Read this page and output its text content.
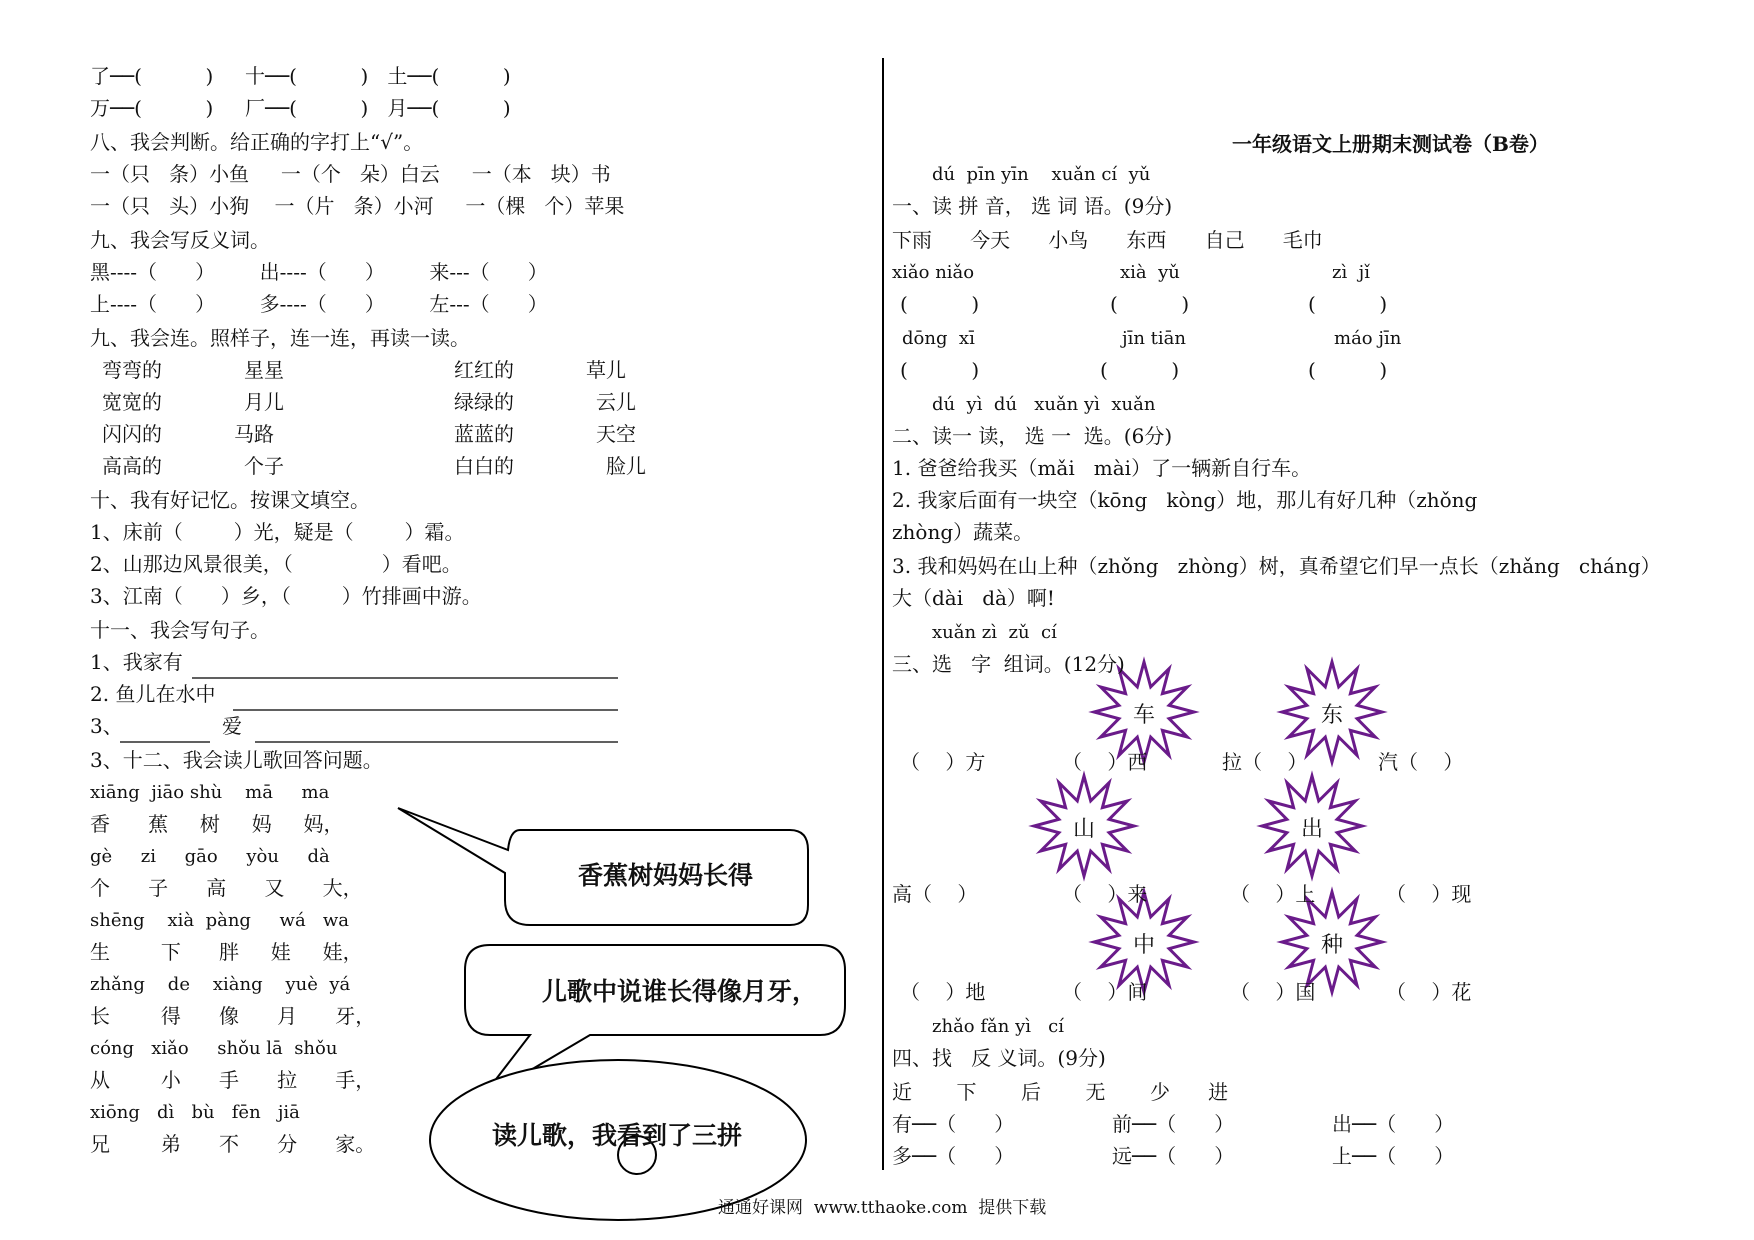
了──(          )     十──(          )   土──(          )
万──(          )     厂──(          )   月──(          )
八、我会判断。给正确的字打上“√”。
一（只   条）小鱼     一（个   朵）白云     一（本   块）书
一（只   头）小狗    一（片   条）小河     一（棵   个）苹果
九、我会写反义词。
黑----（      ）       出----（      ）       来---（      ）
上----（      ）       多----（      ）       左---（      ）
九、我会连。照样子，连一连，再读一读。
弯弯的	星星	红红的	草儿
宽宽的	月儿	绿绿的	云儿
闪闪的	马路	蓝蓝的	天空
高高的	个子	白白的	脸儿
十、我有好记忆。按课文填空。
1、床前（        ）光，疑是（        ）霜。
2、山那边风景很美，（              ）看吧。
3、江南（      ）乡，（        ）竹排画中游。
十一、我会写句子。
1、我家有
2. 鱼儿在水中
3、	爱
3、十二、我会读儿歌回答问题。
xiāng  jiāo shù    mā     ma
香      蕉     树     妈     妈，
gè     zi     gāo     yòu     dà
个      子      高      又      大，
shēng    xià  pàng     wá   wa
生        下      胖     娃     娃，
zhǎng    de    xiàng    yuè  yá
长        得      像      月      牙，
cóng   xiǎo     shǒu lā  shǒu
从        小      手      拉      手，
xiōng   dì   bù   fēn   jiā
兄        弟      不      分      家。
香蕉树妈妈长得
儿歌中说谁长得像月牙，
读儿歌，我看到了三拼
一年级语文上册期末测试卷（B卷）
dú  pīn yīn    xuǎn cí  yǔ
一、读 拼 音， 选 词 语。(9分)
下雨      今天      小鸟      东西      自己      毛巾
xiǎo niǎo	xià  yǔ	zì  jǐ
(          )	(          )	(          )
dōng  xī	jīn tiān	máo jīn
(          )	(          )	(          )
dú  yì  dú   xuǎn yì  xuǎn
二、读一 读， 选 一  选。(6分)
1. 爸爸给我买（mǎi   mài）了一辆新自行车。
2. 我家后面有一块空（kōng   kòng）地，那儿有好几种（zhǒng
zhòng）蔬菜。
3. 我和妈妈在山上种（zhǒng   zhòng）树，真希望它们早一点长（zhǎng   cháng）
大（dài   dà）啊!
xuǎn zì  zǔ  cí
三、选   字  组词。(12分)
车	东
山	出
中	种
（    ）方	（    ）西	拉（    ）	汽（    ）
高（    ）	（    ）来	（    ）上	（    ）现
（    ）地	（    ）间	（    ）国	（    ）花
zhǎo fǎn yì   cí
四、找   反 义词。(9分)
近       下       后       无       少      进
有──（      ）	前──（      ）	出──（      ）
多──（      ）	远──（      ）	上──（      ）
通通好课网  www.tthaoke.com  提供下载
